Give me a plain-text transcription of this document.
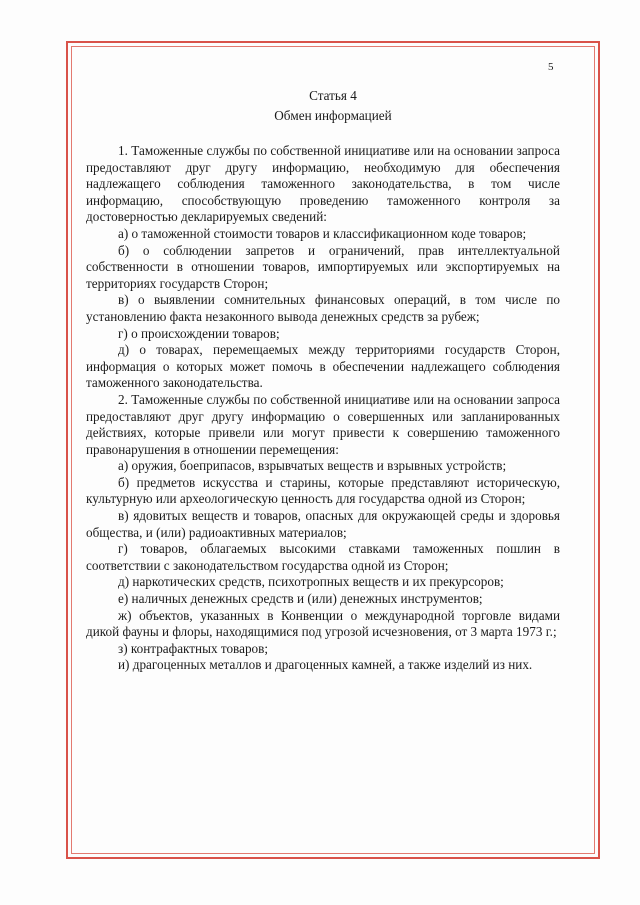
5
Статья 4
Обмен информацией

1. Таможенные службы по собственной инициативе или на основании запроса предоставляют друг другу информацию, необходимую для обеспечения надлежащего соблюдения таможенного законодательства, в том числе информацию, способствующую проведению таможенного контроля за достоверностью декларируемых сведений:

а) о таможенной стоимости товаров и классификационном коде товаров;

б) о соблюдении запретов и ограничений, прав интеллектуальной собственности в отношении товаров, импортируемых или экспортируемых на территориях государств Сторон;

в) о выявлении сомнительных финансовых операций, в том числе по установлению факта незаконного вывода денежных средств за рубеж;

г) о происхождении товаров;

д) о товарах, перемещаемых между территориями государств Сторон, информация о которых может помочь в обеспечении надлежащего соблюдения таможенного законодательства.

2. Таможенные службы по собственной инициативе или на основании запроса предоставляют друг другу информацию о совершенных или запланированных действиях, которые привели или могут привести к совершению таможенного правонарушения в отношении перемещения:

а) оружия, боеприпасов, взрывчатых веществ и взрывных устройств;

б) предметов искусства и старины, которые представляют историческую, культурную или археологическую ценность для государства одной из Сторон;

в) ядовитых веществ и товаров, опасных для окружающей среды и здоровья общества, и (или) радиоактивных материалов;

г) товаров, облагаемых высокими ставками таможенных пошлин в соответствии с законодательством государства одной из Сторон;

д) наркотических средств, психотропных веществ и их прекурсоров;

е) наличных денежных средств и (или) денежных инструментов;

ж) объектов, указанных в Конвенции о международной торговле видами дикой фауны и флоры, находящимися под угрозой исчезновения, от 3 марта 1973 г.;

з) контрафактных товаров;

и) драгоценных металлов и драгоценных камней, а также изделий из них.
